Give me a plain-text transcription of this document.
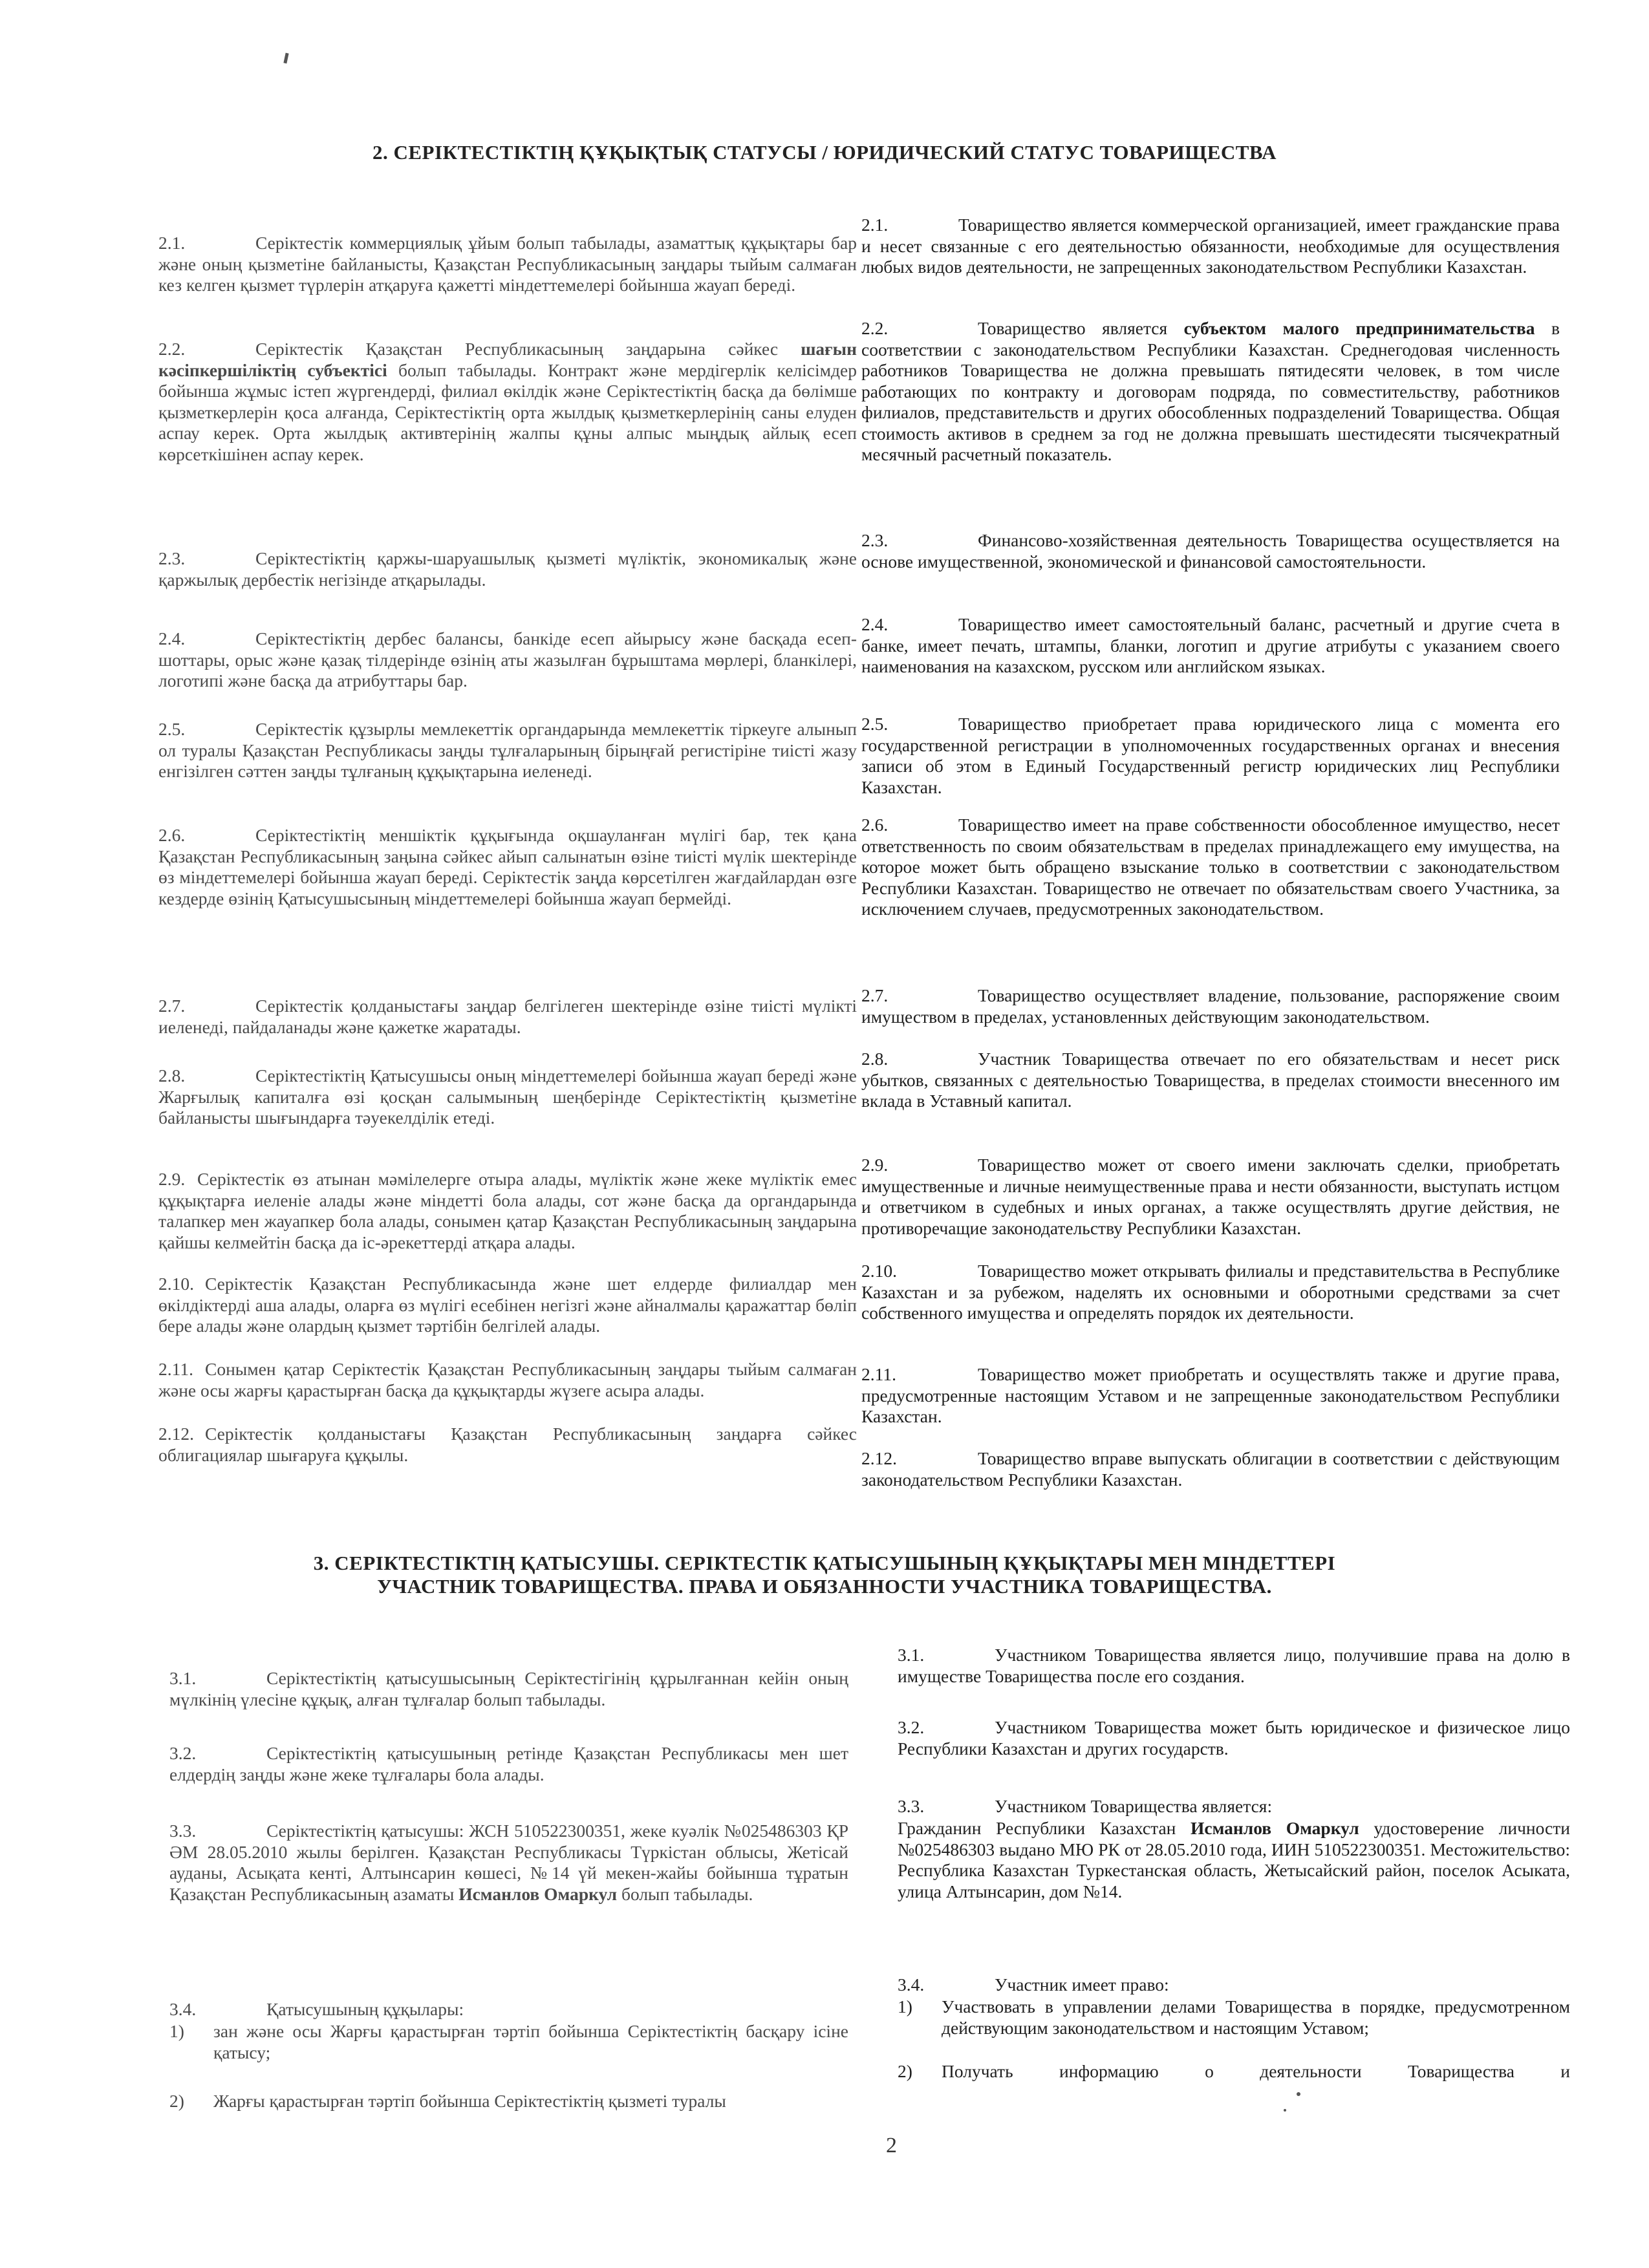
2. СЕРІКТЕСТІКТІҢ ҚҰҚЫҚТЫҚ СТАТУСЫ / ЮРИДИЧЕСКИЙ СТАТУС ТОВАРИЩЕСТВА

2.1.	Серіктестік коммерциялық ұйым болып табылады, азаматтық құқықтары бар және оның қызметіне байланысты, Қазақстан Республикасының заңдары тыйым салмаған кез келген қызмет түрлерін атқаруға қажетті міндеттемелері бойынша жауап береді.

2.2.	Серіктестік Қазақстан Республикасының заңдарына сәйкес шағын кәсіпкершіліктің субъектісі болып табылады. Контракт және мердігерлік келісімдер бойынша жұмыс істеп жүргендерді, филиал өкілдік және Серіктестіктің басқа да бөлімше қызметкерлерін қоса алғанда, Серіктестіктің орта жылдық қызметкерлерінің саны елуден аспау керек. Орта жылдық активтерінің жалпы құны алпыс мыңдық айлық есеп көрсеткішінен аспау керек.

2.3.	Серіктестіктің қаржы-шаруашылық қызметі мүліктік, экономикалық және қаржылық дербестік негізінде атқарылады.

2.4.	Серіктестіктің дербес балансы, банкіде есеп айырысу және басқада есеп-шоттары, орыс және қазақ тілдерінде өзінің аты жазылған бұрыштама мөрлері, бланкілері, логотипі және басқа да атрибуттары бар.

2.5.	Серіктестік құзырлы мемлекеттік органдарында мемлекеттік тіркеуге алынып ол туралы Қазақстан Республикасы заңды тұлғаларының бірыңғай регистіріне тиісті жазу енгізілген сәттен заңды тұлғаның құқықтарына иеленеді.

2.6.	Серіктестіктің меншіктік құқығында оқшауланған мүлігі бар, тек қана Қазақстан Республикасының заңына сәйкес айып салынатын өзіне тиісті мүлік шектерінде өз міндеттемелері бойынша жауап береді. Серіктестік заңда көрсетілген жағдайлардан өзге кездерде өзінің Қатысушысының міндеттемелері бойынша жауап бермейді.

2.7.	Серіктестік қолданыстағы заңдар белгілеген шектерінде өзіне тиісті мүлікті иеленеді, пайдаланады және қажетке жаратады.

2.8.	Серіктестіктің Қатысушысы оның міндеттемелері бойынша жауап береді және Жарғылық капиталға өзі қосқан салымының шеңберінде Серіктестіктің қызметіне байланысты шығындарға тәуекелділік етеді.

2.9. Серіктестік өз атынан мәмілелерге отыра алады, мүліктік және жеке мүліктік емес құқықтарға иеленіе алады және міндетті бола алады, сот және басқа да органдарында талапкер мен жауапкер бола алады, сонымен қатар Қазақстан Республикасының заңдарына қайшы келмейтін басқа да іс-әрекеттерді атқара алады.

2.10. Серіктестік Қазақстан Республикасында және шет елдерде филиалдар мен өкілдіктерді аша алады, оларға өз мүлігі есебінен негізгі және айналмалы қаражаттар бөліп бере алады және олардың қызмет тәртібін белгілей алады.

2.11. Сонымен қатар Серіктестік Қазақстан Республикасының заңдары тыйым салмаған және осы жарғы қарастырған басқа да құқықтарды жүзеге асыра алады.

2.12. Серіктестік қолданыстағы Қазақстан Республикасының заңдарға сәйкес облигациялар шығаруға құқылы.

2.1.	Товарищество является коммерческой организацией, имеет гражданские права и несет связанные с его деятельностью обязанности, необходимые для осуществления любых видов деятельности, не запрещенных законодательством Республики Казахстан.

2.2.	Товарищество является субъектом малого предпринимательства в соответствии с законодательством Республики Казахстан. Среднегодовая численность работников Товарищества не должна превышать пятидесяти человек, в том числе работающих по контракту и договорам подряда, по совместительству, работников филиалов, представительств и других обособленных подразделений Товарищества. Общая стоимость активов в среднем за год не должна превышать шестидесяти тысячекратный месячный расчетный показатель.

2.3.	Финансово-хозяйственная деятельность Товарищества осуществляется на основе имущественной, экономической и финансовой самостоятельности.

2.4.	Товарищество имеет самостоятельный баланс, расчетный и другие счета в банке, имеет печать, штампы, бланки, логотип и другие атрибуты с указанием своего наименования на казахском, русском или английском языках.

2.5.	Товарищество приобретает права юридического лица с момента его государственной регистрации в уполномоченных государственных органах и внесения записи об этом в Единый Государственный регистр юридических лиц Республики Казахстан.

2.6.	Товарищество имеет на праве собственности обособленное имущество, несет ответственность по своим обязательствам в пределах принадлежащего ему имущества, на которое может быть обращено взыскание только в соответствии с законодательством Республики Казахстан. Товарищество не отвечает по обязательствам своего Участника, за исключением случаев, предусмотренных законодательством.

2.7.	Товарищество осуществляет владение, пользование, распоряжение своим имуществом в пределах, установленных действующим законодательством.

2.8.	Участник Товарищества отвечает по его обязательствам и несет риск убытков, связанных с деятельностью Товарищества, в пределах стоимости внесенного им вклада в Уставный капитал.

2.9.	Товарищество может от своего имени заключать сделки, приобретать имущественные и личные неимущественные права и нести обязанности, выступать истцом и ответчиком в судебных и иных органах, а также осуществлять другие действия, не противоречащие законодательству Республики Казахстан.

2.10.	Товарищество может открывать филиалы и представительства в Республике Казахстан и за рубежом, наделять их основными и оборотными средствами за счет собственного имущества и определять порядок их деятельности.

2.11.	Товарищество может приобретать и осуществлять также и другие права, предусмотренные настоящим Уставом и не запрещенные законодательством Республики Казахстан.

2.12.	Товарищество вправе выпускать облигации в соответствии с действующим законодательством Республики Казахстан.

3. СЕРІКТЕСТІКТІҢ ҚАТЫСУШЫ. СЕРІКТЕСТІК ҚАТЫСУШЫНЫҢ ҚҰҚЫҚТАРЫ МЕН МІНДЕТТЕРІ
УЧАСТНИК ТОВАРИЩЕСТВА. ПРАВА И ОБЯЗАННОСТИ УЧАСТНИКА ТОВАРИЩЕСТВА.

3.1.	Серіктестіктің қатысушысының Серіктестігінің құрылғаннан кейін оның мүлкінің үлесіне құқық, алған тұлғалар болып табылады.

3.2.	Серіктестіктің қатысушының ретінде Қазақстан Республикасы мен шет елдердің заңды және жеке тұлғалары бола алады.

3.3.	Серіктестіктің қатысушы: ЖСН 510522300351, жеке куәлік №025486303 ҚР ӘМ 28.05.2010 жылы берілген. Қазақстан Республикасы Түркістан облысы, Жетісай ауданы, Асықата кенті, Алтынсарин көшесі, №14 үй мекен-жайы бойынша тұратын Қазақстан Республикасының азаматы Исманлов Омаркул болып табылады.

3.4.	Қатысушының құқылары:

1) зан және осы Жарғы қарастырған тәртіп бойынша Серіктестіктің басқару ісіне қатысу;

2) Жарғы қарастырған тәртіп бойынша Серіктестіктің қызметі туралы

3.1.	Участником Товарищества является лицо, получившие права на долю в имуществе Товарищества после его создания.

3.2.	Участником Товарищества может быть юридическое и физическое лицо Республики Казахстан и других государств.

3.3.	Участником Товарищества является:

Гражданин Республики Казахстан Исманлов Омаркул удостоверение личности №025486303 выдано МЮ РК от 28.05.2010 года, ИИН 510522300351. Местожительство: Республика Казахстан Туркестанская область, Жетысайский район, поселок Асыката, улица Алтынсарин, дом №14.

3.4.	Участник имеет право:

1) Участвовать в управлении делами Товарищества в порядке, предусмотренном действующим законодательством и настоящим Уставом;

2) Получать информацию о деятельности Товарищества и

2
